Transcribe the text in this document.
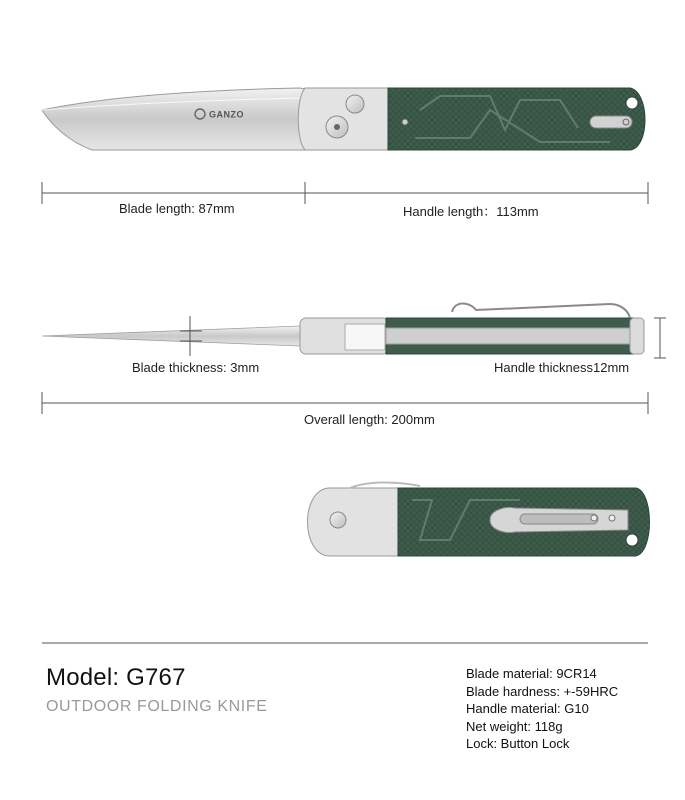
GANZO
Blade length: 87mm	Handle length：113mm
Blade thickness: 3mm	Handle thickness12mm
Overall length: 200mm
Model: G767
OUTDOOR FOLDING KNIFE
Blade material: 9CR14
Blade hardness: +-59HRC
Handle material: G10
Net weight: 118g
Lock: Button Lock
